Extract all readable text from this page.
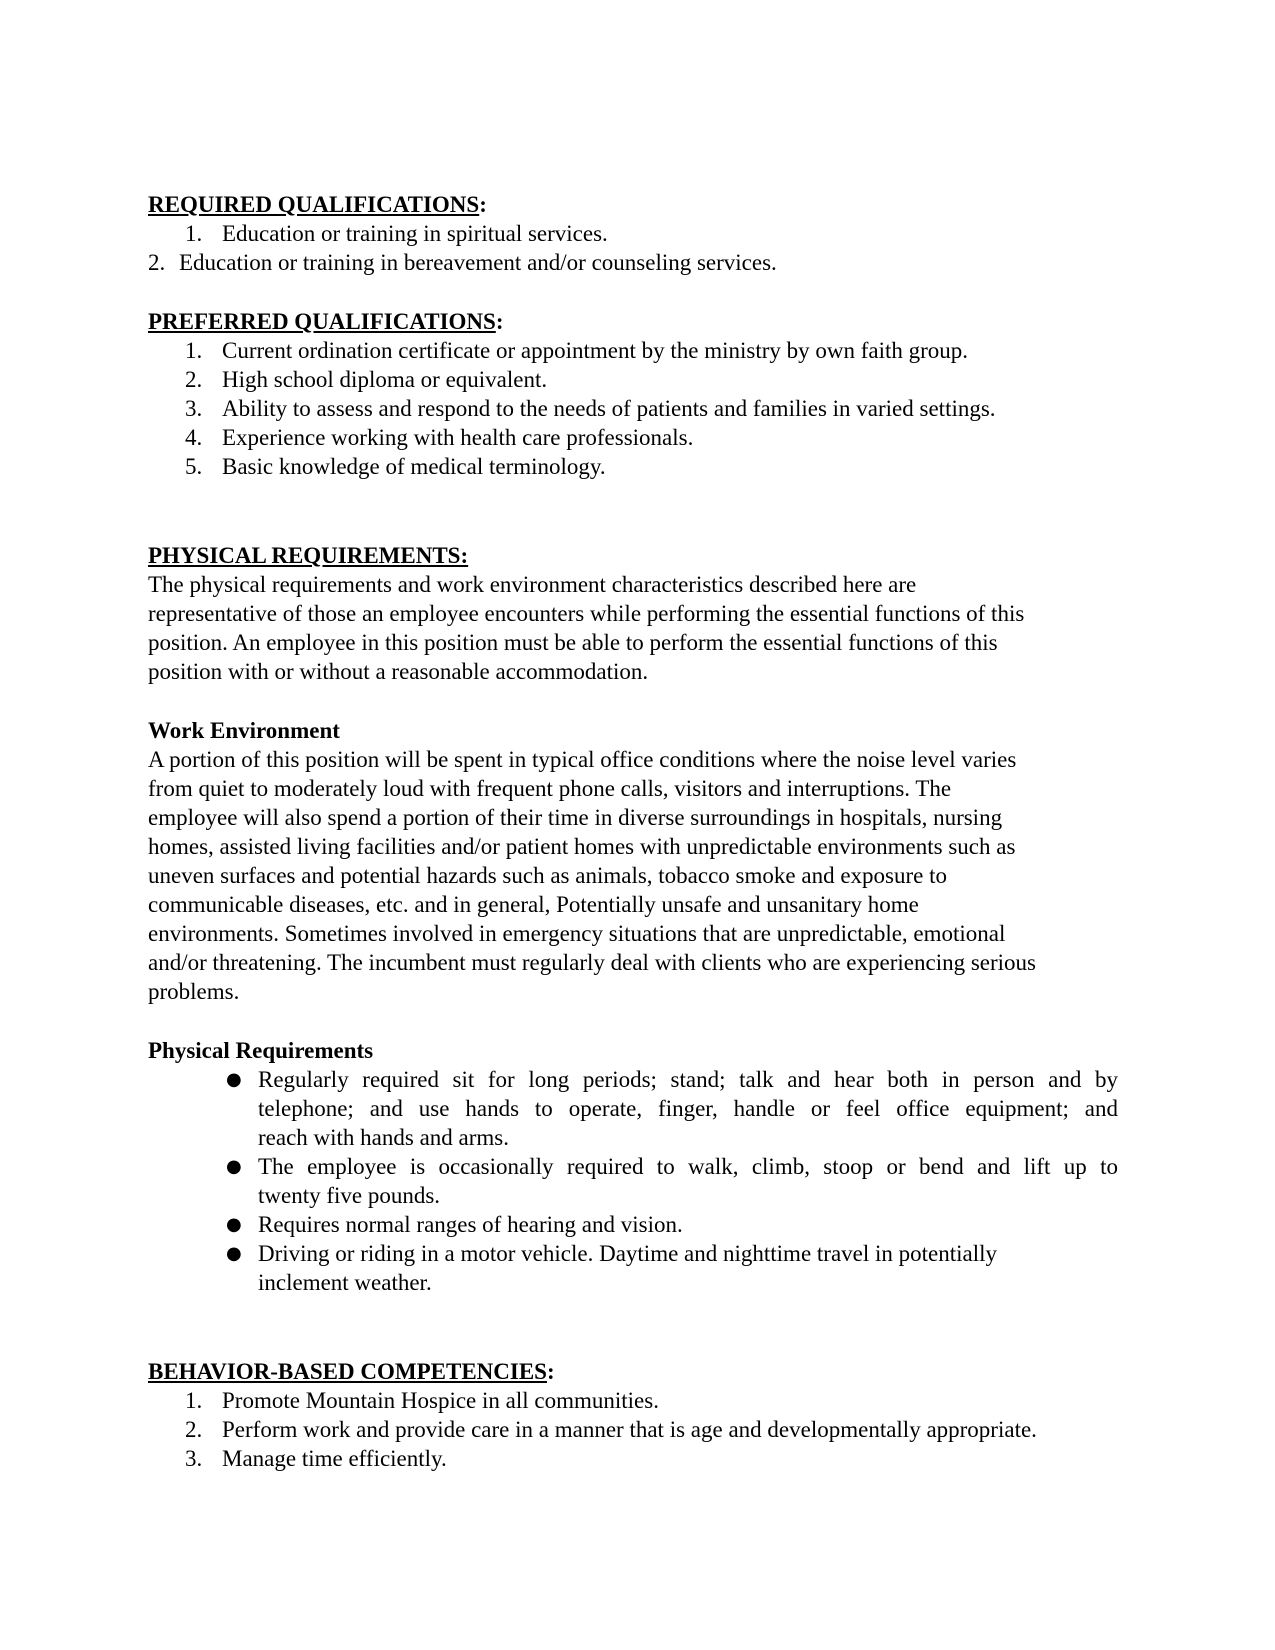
REQUIRED QUALIFICATIONS:
1. Education or training in spiritual services.
2. Education or training in bereavement and/or counseling services.
PREFERRED QUALIFICATIONS:
1. Current ordination certificate or appointment by the ministry by own faith group.
2. High school diploma or equivalent.
3. Ability to assess and respond to the needs of patients and families in varied settings.
4. Experience working with health care professionals.
5. Basic knowledge of medical terminology.
PHYSICAL REQUIREMENTS:
The physical requirements and work environment characteristics described here are
representative of those an employee encounters while performing the essential functions of this
position. An employee in this position must be able to perform the essential functions of this
position with or without a reasonable accommodation.
Work Environment
A portion of this position will be spent in typical office conditions where the noise level varies
from quiet to moderately loud with frequent phone calls, visitors and interruptions. The
employee will also spend a portion of their time in diverse surroundings in hospitals, nursing
homes, assisted living facilities and/or patient homes with unpredictable environments such as
uneven surfaces and potential hazards such as animals, tobacco smoke and exposure to
communicable diseases, etc. and in general, Potentially unsafe and unsanitary home
environments. Sometimes involved in emergency situations that are unpredictable, emotional
and/or threatening. The incumbent must regularly deal with clients who are experiencing serious
problems.
Physical Requirements
● Regularly required sit for long periods; stand; talk and hear both in person and by
telephone; and use hands to operate, finger, handle or feel office equipment; and
reach with hands and arms.
● The employee is occasionally required to walk, climb, stoop or bend and lift up to
twenty five pounds.
● Requires normal ranges of hearing and vision.
● Driving or riding in a motor vehicle. Daytime and nighttime travel in potentially
inclement weather.
BEHAVIOR-BASED COMPETENCIES:
1. Promote Mountain Hospice in all communities.
2. Perform work and provide care in a manner that is age and developmentally appropriate.
3. Manage time efficiently.
